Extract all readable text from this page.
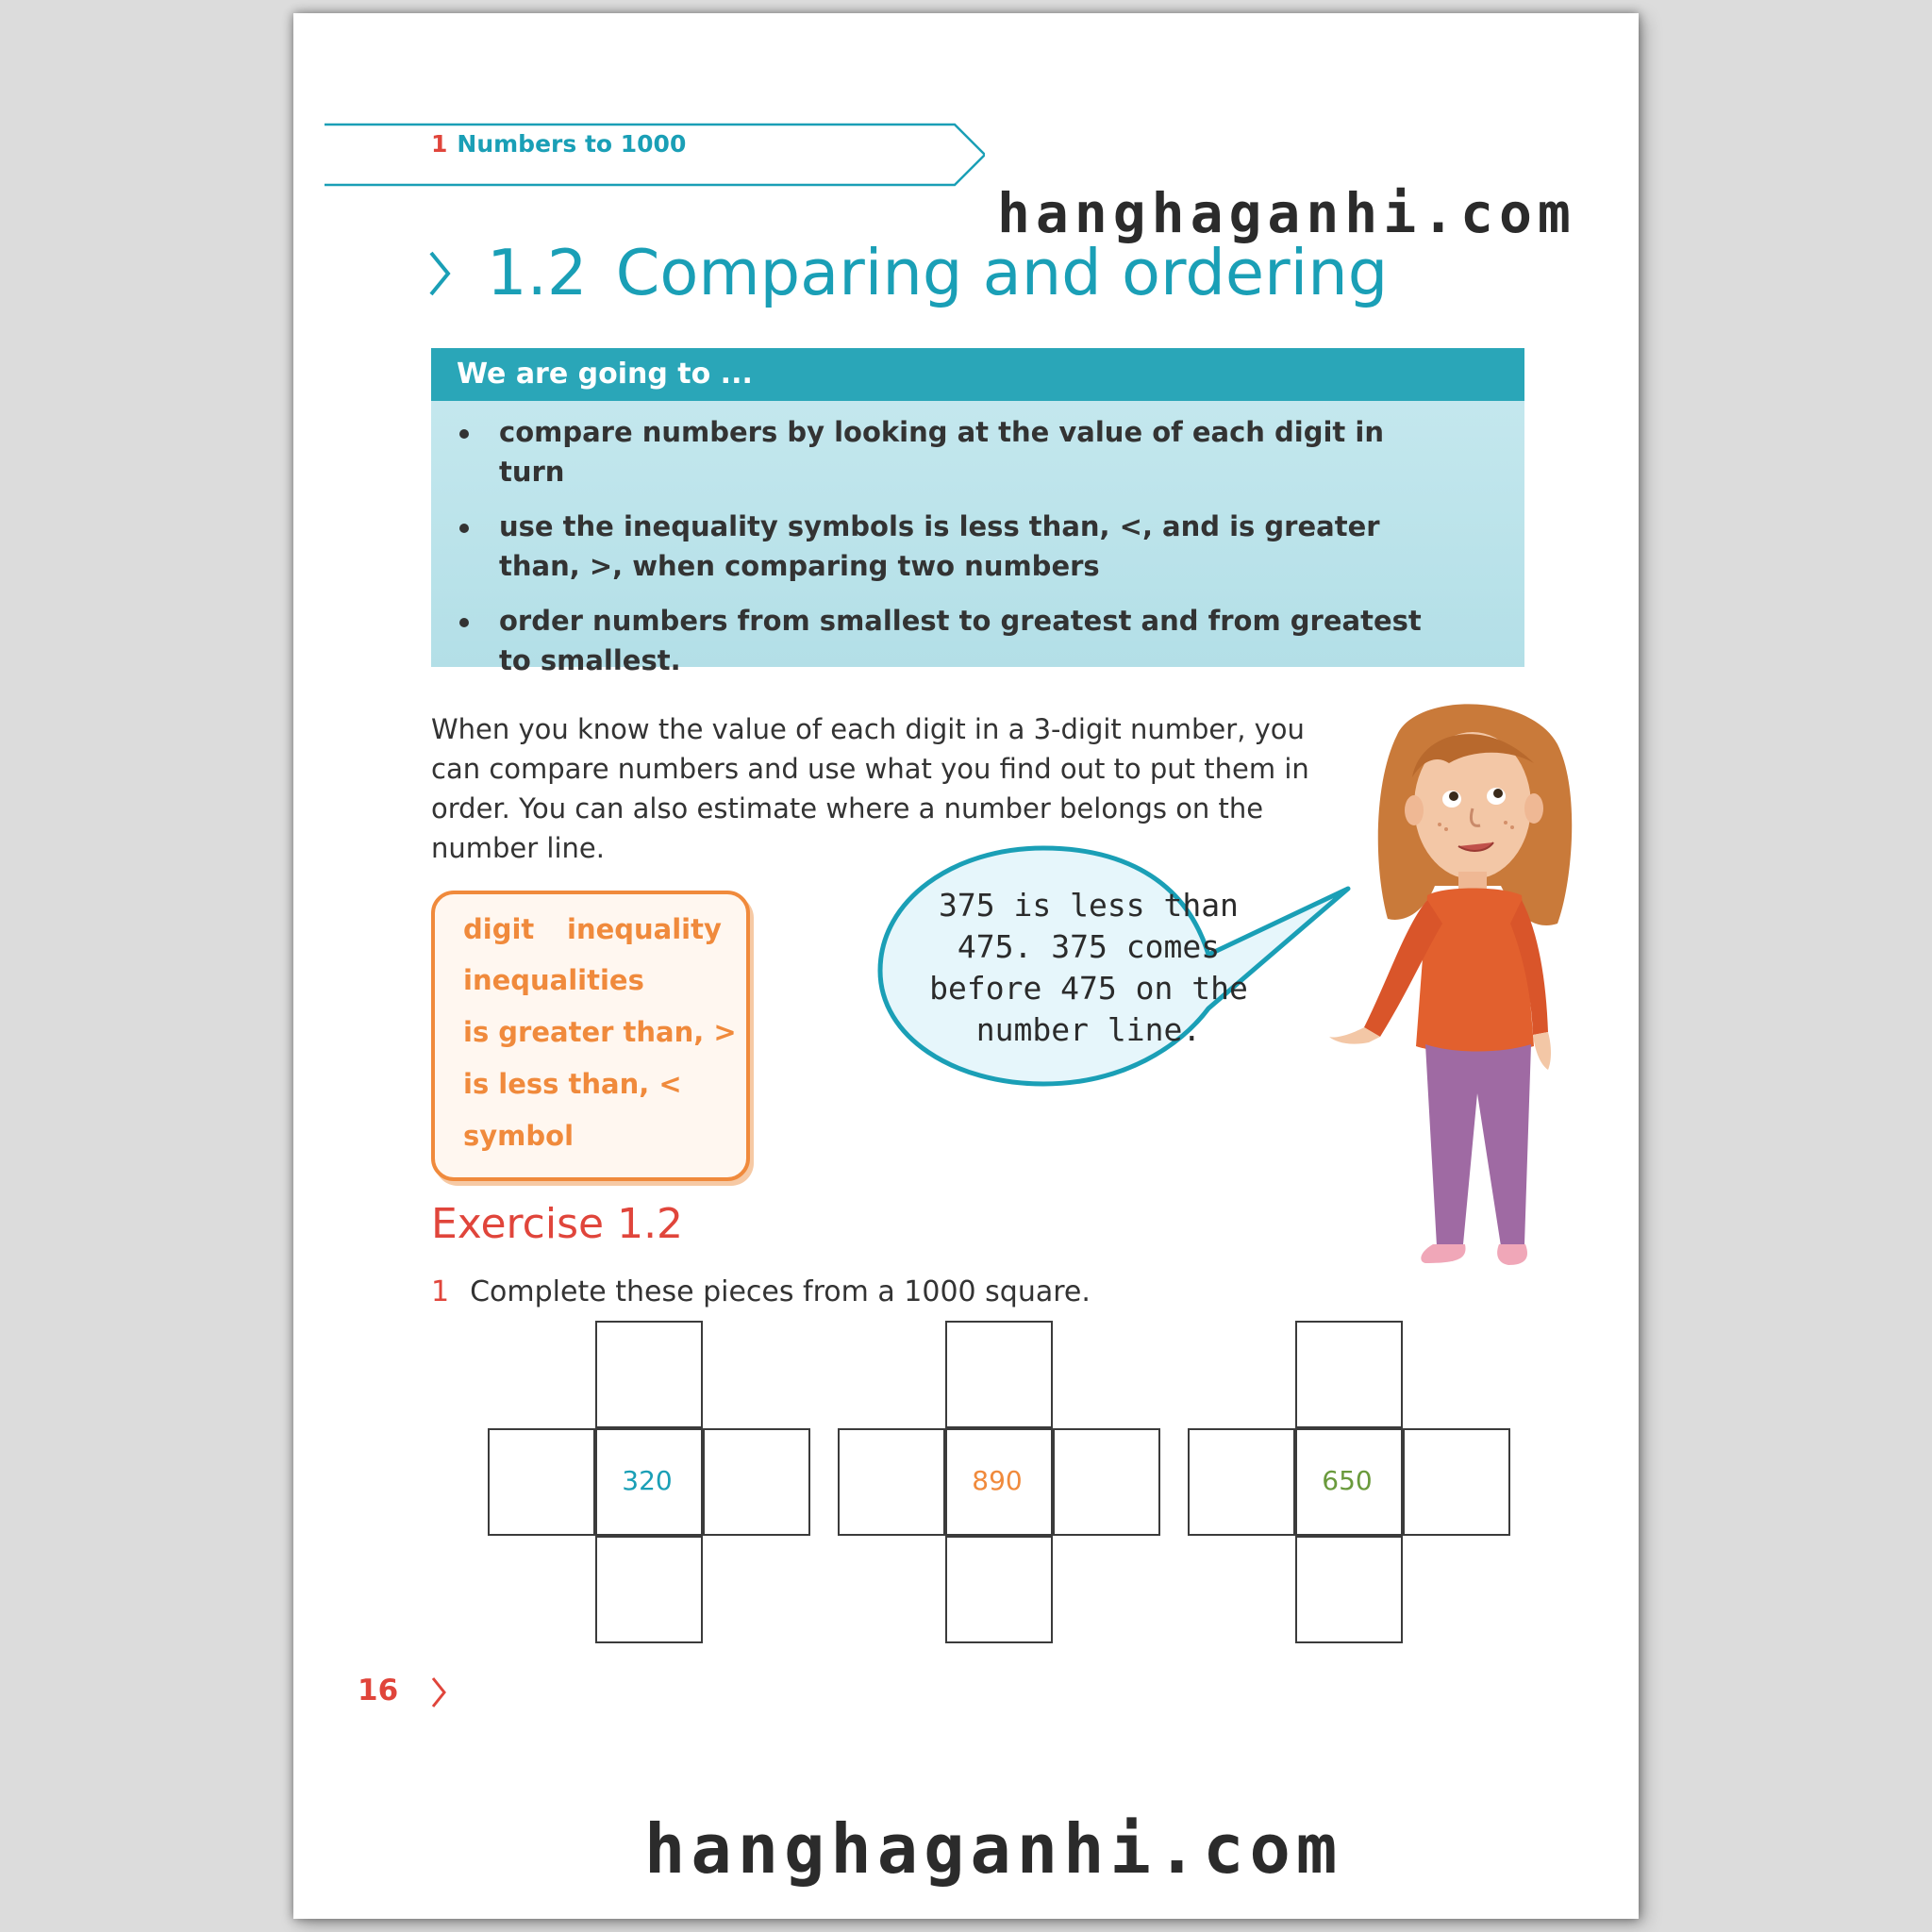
1 Numbers to 1000
hanghaganhi.com
1.2 Comparing and ordering
We are going to ...
compare numbers by looking at the value of each digit in turn
use the inequality symbols is less than, <, and is greater than, >, when comparing two numbers
order numbers from smallest to greatest and from greatest to smallest.
When you know the value of each digit in a 3-digit number, you can compare numbers and use what you find out to put them in order. You can also estimate where a number belongs on the number line.
digit inequality
inequalities
is greater than, >
is less than, <
symbol
375 is less than 475. 375 comes before 475 on the number line.
Exercise 1.2
1 Complete these pieces from a 1000 square.
320	890	650
16
hanghaganhi.com
